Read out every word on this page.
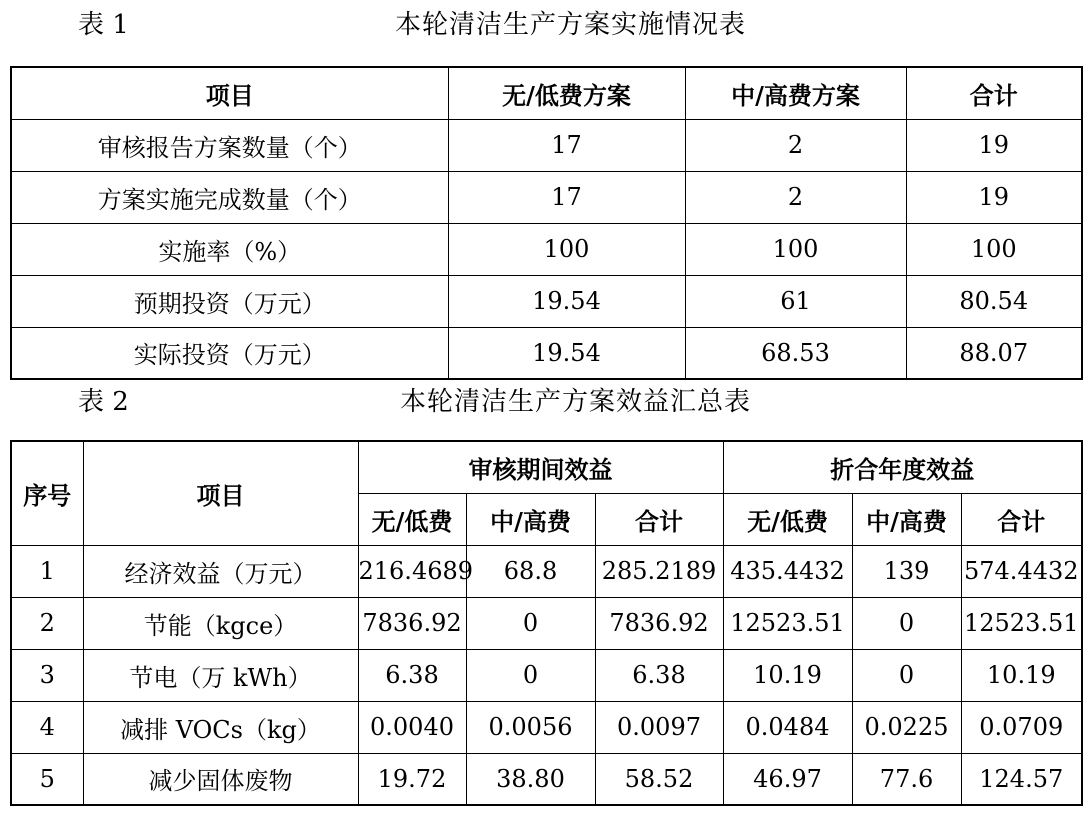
表 1	本轮清洁生产方案实施情况表
项目	无/低费方案	中/高费方案	合计
审核报告方案数量（个）	17	2	19
方案实施完成数量（个）	17	2	19
实施率（%）	100	100	100
预期投资（万元）	19.54	61	80.54
实际投资（万元）	19.54	68.53	88.07
表 2	本轮清洁生产方案效益汇总表
序号	项目	审核期间效益			折合年度效益		
		无/低费	中/高费	合计	无/低费	中/高费	合计
1	经济效益（万元）	216.4689	68.8	285.2189	435.4432	139	574.4432
2	节能（kgce）	7836.92	0	7836.92	12523.51	0	12523.51
3	节电（万 kWh）	6.38	0	6.38	10.19	0	10.19
4	减排 VOCs（kg）	0.0040	0.0056	0.0097	0.0484	0.0225	0.0709
5	减少固体废物	19.72	38.80	58.52	46.97	77.6	124.57
